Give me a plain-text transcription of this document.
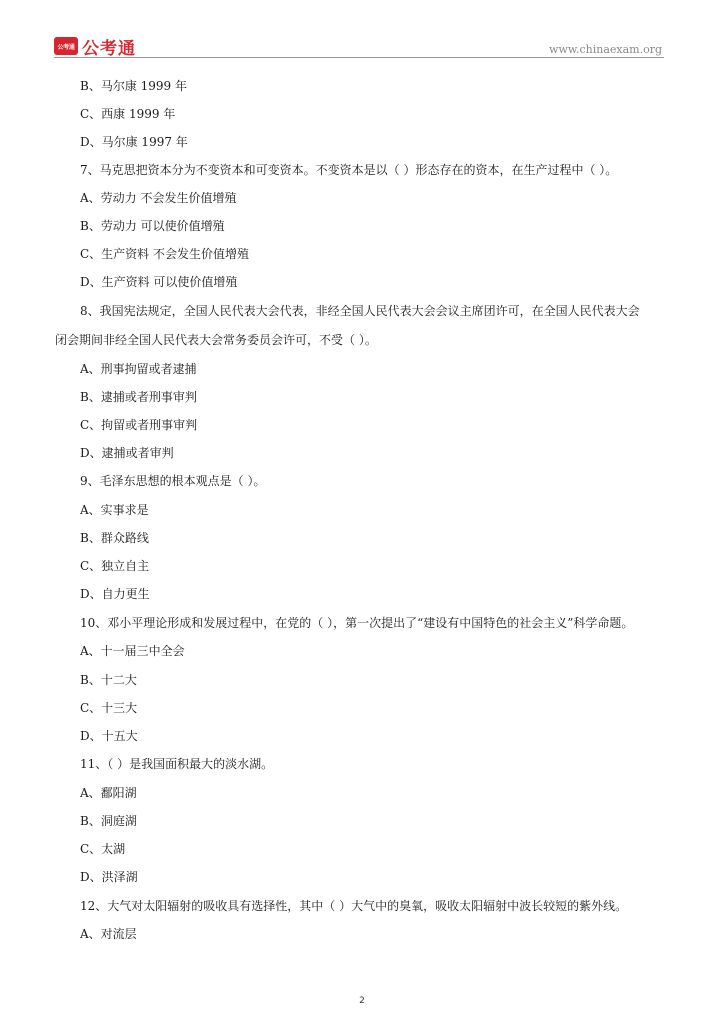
公考通 公考通	www.chinaexam.org
B、马尔康 1999 年
C、西康 1999 年
D、马尔康 1997 年
7、马克思把资本分为不变资本和可变资本。不变资本是以（ ）形态存在的资本，在生产过程中（ ）。
A、劳动力 不会发生价值增殖
B、劳动力 可以使价值增殖
C、生产资料 不会发生价值增殖
D、生产资料 可以使价值增殖
8、我国宪法规定，全国人民代表大会代表，非经全国人民代表大会会议主席团许可，在全国人民代表大会
闭会期间非经全国人民代表大会常务委员会许可，不受（ ）。
A、刑事拘留或者逮捕
B、逮捕或者刑事审判
C、拘留或者刑事审判
D、逮捕或者审判
9、毛泽东思想的根本观点是（ ）。
A、实事求是
B、群众路线
C、独立自主
D、自力更生
10、邓小平理论形成和发展过程中，在党的（ ），第一次提出了“建设有中国特色的社会主义”科学命题。
A、十一届三中全会
B、十二大
C、十三大
D、十五大
11、（ ）是我国面积最大的淡水湖。
A、鄱阳湖
B、洞庭湖
C、太湖
D、洪泽湖
12、大气对太阳辐射的吸收具有选择性，其中（ ）大气中的臭氧，吸收太阳辐射中波长较短的紫外线。
A、对流层
2
